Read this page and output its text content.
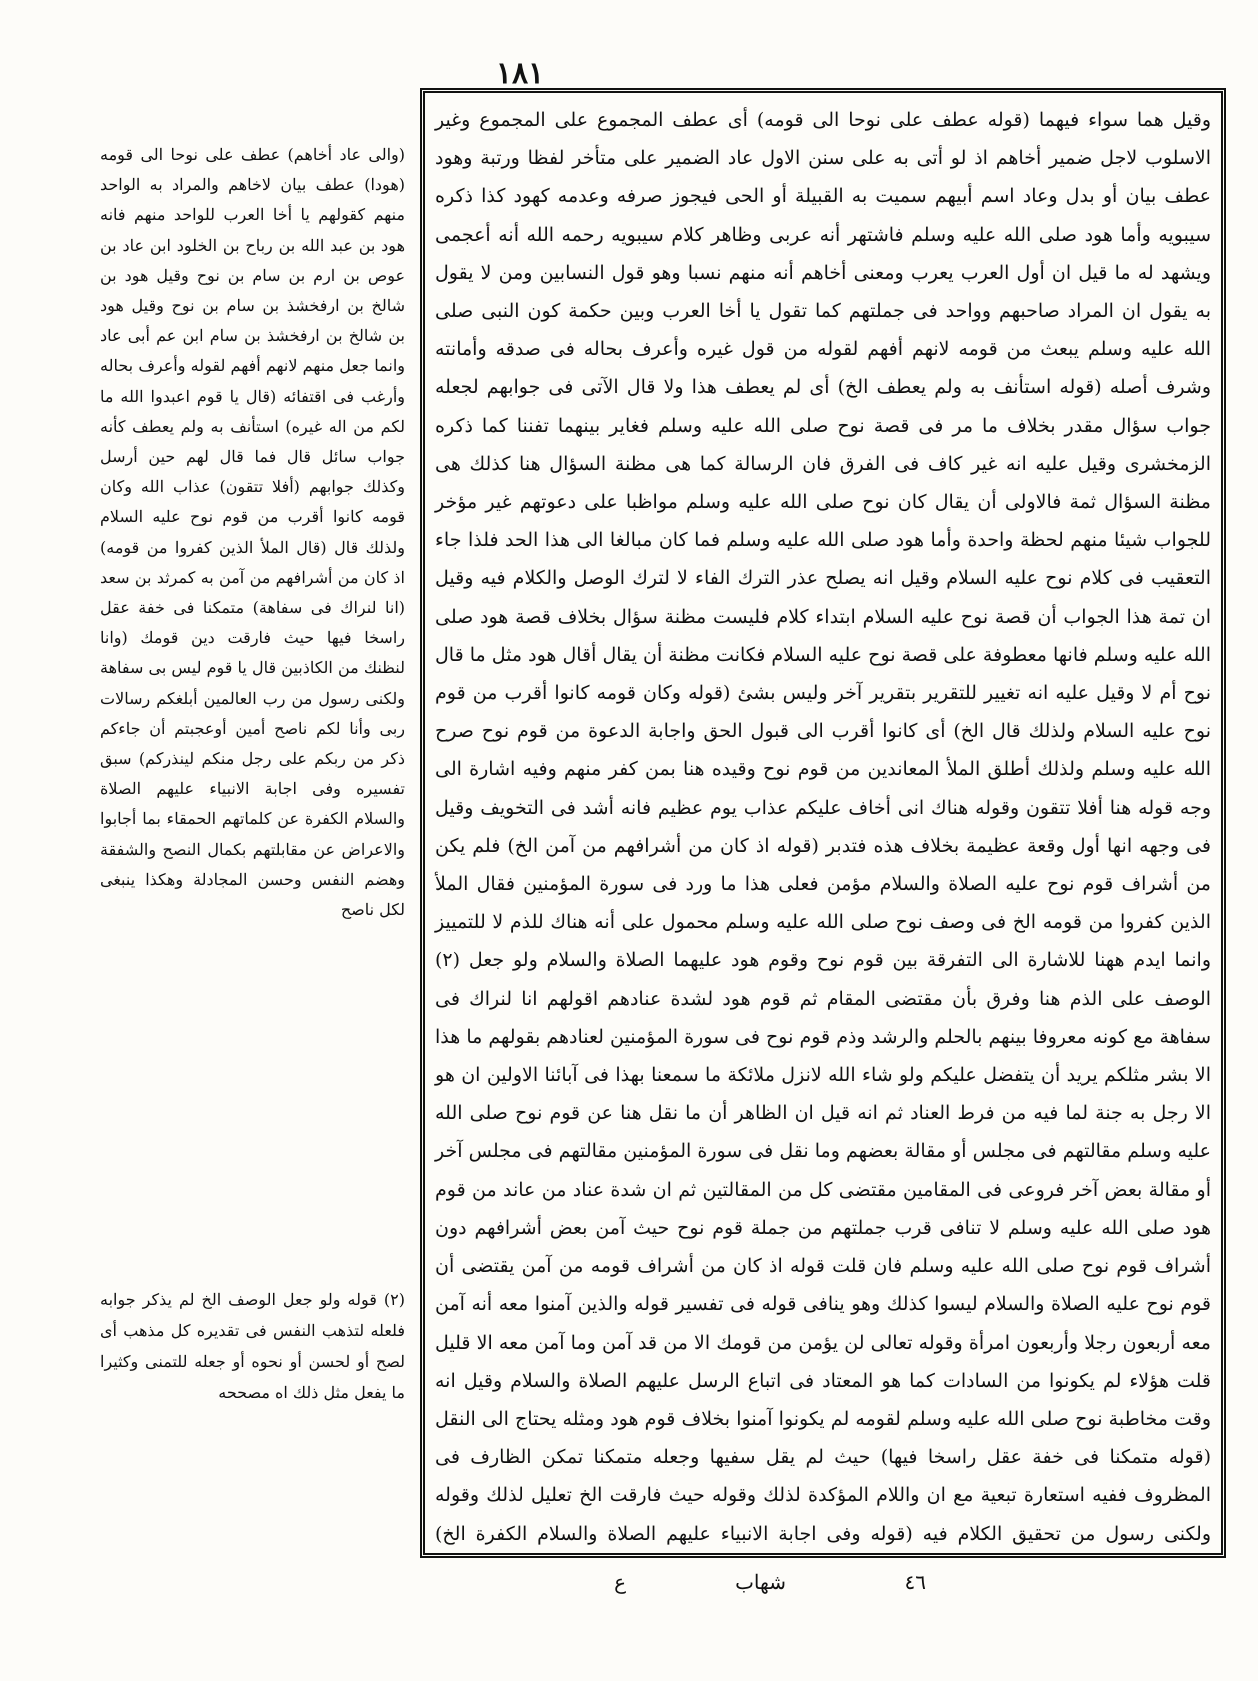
١٨١

(والى عاد أخاهم) عطف على نوحا الى قومه (هودا) عطف بيان لاخاهم والمراد به الواحد منهم كقولهم يا أخا العرب للواحد منهم فانه هود بن عبد الله بن رباح بن الخلود ابن عاد بن عوص بن ارم بن سام بن نوح وقيل هود بن شالخ بن ارفخشذ بن سام بن نوح وقيل هود بن شالخ بن ارفخشذ بن سام ابن عم أبى عاد وانما جعل منهم لانهم أفهم لقوله وأعرف بحاله وأرغب فى اقتفائه (قال يا قوم اعبدوا الله ما لكم من اله غيره) استأنف به ولم يعطف كأنه جواب سائل قال فما قال لهم حين أرسل وكذلك جوابهم (أفلا تتقون) عذاب الله وكان قومه كانوا أقرب من قوم نوح عليه السلام ولذلك قال (قال الملأ الذين كفروا من قومه) اذ كان من أشرافهم من آمن به كمرثد بن سعد (انا لنراك فى سفاهة) متمكنا فى خفة عقل راسخا فيها حيث فارقت دين قومك (وانا لنظنك من الكاذبين قال يا قوم ليس بى سفاهة ولكنى رسول من رب العالمين أبلغكم رسالات ربى وأنا لكم ناصح أمين أوعجبتم أن جاءكم ذكر من ربكم على رجل منكم لينذركم) سبق تفسيره وفى اجابة الانبياء عليهم الصلاة والسلام الكفرة عن كلماتهم الحمقاء بما أجابوا والاعراض عن مقابلتهم بكمال النصح والشفقة وهضم النفس وحسن المجادلة وهكذا ينبغى لكل ناصح

(٢) قوله ولو جعل الوصف الخ لم يذكر جوابه فلعله لتذهب النفس فى تقديره كل مذهب أى لصح أو لحسن أو نحوه أو جعله للتمنى وكثيرا ما يفعل مثل ذلك اه مصححه

وقيل هما سواء فيهما (قوله عطف على نوحا الى قومه) أى عطف المجموع على المجموع وغير الاسلوب لاجل ضمير أخاهم اذ لو أتى به على سنن الاول عاد الضمير على متأخر لفظا ورتبة وهود عطف بيان أو بدل وعاد اسم أبيهم سميت به القبيلة أو الحى فيجوز صرفه وعدمه كهود كذا ذكره سيبويه وأما هود صلى الله عليه وسلم فاشتهر أنه عربى وظاهر كلام سيبويه رحمه الله أنه أعجمى ويشهد له ما قيل ان أول العرب يعرب ومعنى أخاهم أنه منهم نسبا وهو قول النسابين ومن لا يقول به يقول ان المراد صاحبهم وواحد فى جملتهم كما تقول يا أخا العرب وبين حكمة كون النبى صلى الله عليه وسلم يبعث من قومه لانهم أفهم لقوله من قول غيره وأعرف بحاله فى صدقه وأمانته وشرف أصله (قوله استأنف به ولم يعطف الخ) أى لم يعطف هذا ولا قال الآتى فى جوابهم لجعله جواب سؤال مقدر بخلاف ما مر فى قصة نوح صلى الله عليه وسلم فغاير بينهما تفننا كما ذكره الزمخشرى وقيل عليه انه غير كاف فى الفرق فان الرسالة كما هى مظنة السؤال هنا كذلك هى مظنة السؤال ثمة فالاولى أن يقال كان نوح صلى الله عليه وسلم مواظبا على دعوتهم غير مؤخر للجواب شيئا منهم لحظة واحدة وأما هود صلى الله عليه وسلم فما كان مبالغا الى هذا الحد فلذا جاء التعقيب فى كلام نوح عليه السلام وقيل انه يصلح عذر الترك الفاء لا لترك الوصل والكلام فيه وقيل ان تمة هذا الجواب أن قصة نوح عليه السلام ابتداء كلام فليست مظنة سؤال بخلاف قصة هود صلى الله عليه وسلم فانها معطوفة على قصة نوح عليه السلام فكانت مظنة أن يقال أقال هود مثل ما قال نوح أم لا وقيل عليه انه تغيير للتقرير بتقرير آخر وليس بشئ (قوله وكان قومه كانوا أقرب من قوم نوح عليه السلام ولذلك قال الخ) أى كانوا أقرب الى قبول الحق واجابة الدعوة من قوم نوح صرح الله عليه وسلم ولذلك أطلق الملأ المعاندين من قوم نوح وقيده هنا بمن كفر منهم وفيه اشارة الى وجه قوله هنا أفلا تتقون وقوله هناك انى أخاف عليكم عذاب يوم عظيم فانه أشد فى التخويف وقيل فى وجهه انها أول وقعة عظيمة بخلاف هذه فتدبر (قوله اذ كان من أشرافهم من آمن الخ) فلم يكن من أشراف قوم نوح عليه الصلاة والسلام مؤمن فعلى هذا ما ورد فى سورة المؤمنين فقال الملأ الذين كفروا من قومه الخ فى وصف نوح صلى الله عليه وسلم محمول على أنه هناك للذم لا للتمييز وانما ايدم ههنا للاشارة الى التفرقة بين قوم نوح وقوم هود عليهما الصلاة والسلام ولو جعل (٢) الوصف على الذم هنا وفرق بأن مقتضى المقام ثم قوم هود لشدة عنادهم اقولهم انا لنراك فى سفاهة مع كونه معروفا بينهم بالحلم والرشد وذم قوم نوح فى سورة المؤمنين لعنادهم بقولهم ما هذا الا بشر مثلكم يريد أن يتفضل عليكم ولو شاء الله لانزل ملائكة ما سمعنا بهذا فى آبائنا الاولين ان هو الا رجل به جنة لما فيه من فرط العناد ثم انه قيل ان الظاهر أن ما نقل هنا عن قوم نوح صلى الله عليه وسلم مقالتهم فى مجلس أو مقالة بعضهم وما نقل فى سورة المؤمنين مقالتهم فى مجلس آخر أو مقالة بعض آخر فروعى فى المقامين مقتضى كل من المقالتين ثم ان شدة عناد من عاند من قوم هود صلى الله عليه وسلم لا تنافى قرب جملتهم من جملة قوم نوح حيث آمن بعض أشرافهم دون أشراف قوم نوح صلى الله عليه وسلم فان قلت قوله اذ كان من أشراف قومه من آمن يقتضى أن قوم نوح عليه الصلاة والسلام ليسوا كذلك وهو ينافى قوله فى تفسير قوله والذين آمنوا معه أنه آمن معه أربعون رجلا وأربعون امرأة وقوله تعالى لن يؤمن من قومك الا من قد آمن وما آمن معه الا قليل قلت هؤلاء لم يكونوا من السادات كما هو المعتاد فى اتباع الرسل عليهم الصلاة والسلام وقيل انه وقت مخاطبة نوح صلى الله عليه وسلم لقومه لم يكونوا آمنوا بخلاف قوم هود ومثله يحتاج الى النقل (قوله متمكنا فى خفة عقل راسخا فيها) حيث لم يقل سفيها وجعله متمكنا تمكن الظارف فى المظروف ففيه استعارة تبعية مع ان واللام المؤكدة لذلك وقوله حيث فارقت الخ تعليل لذلك وقوله ولكنى رسول من تحقيق الكلام فيه (قوله وفى اجابة الانبياء عليهم الصلاة والسلام الكفرة الخ)

٤٦
شهاب
ع
